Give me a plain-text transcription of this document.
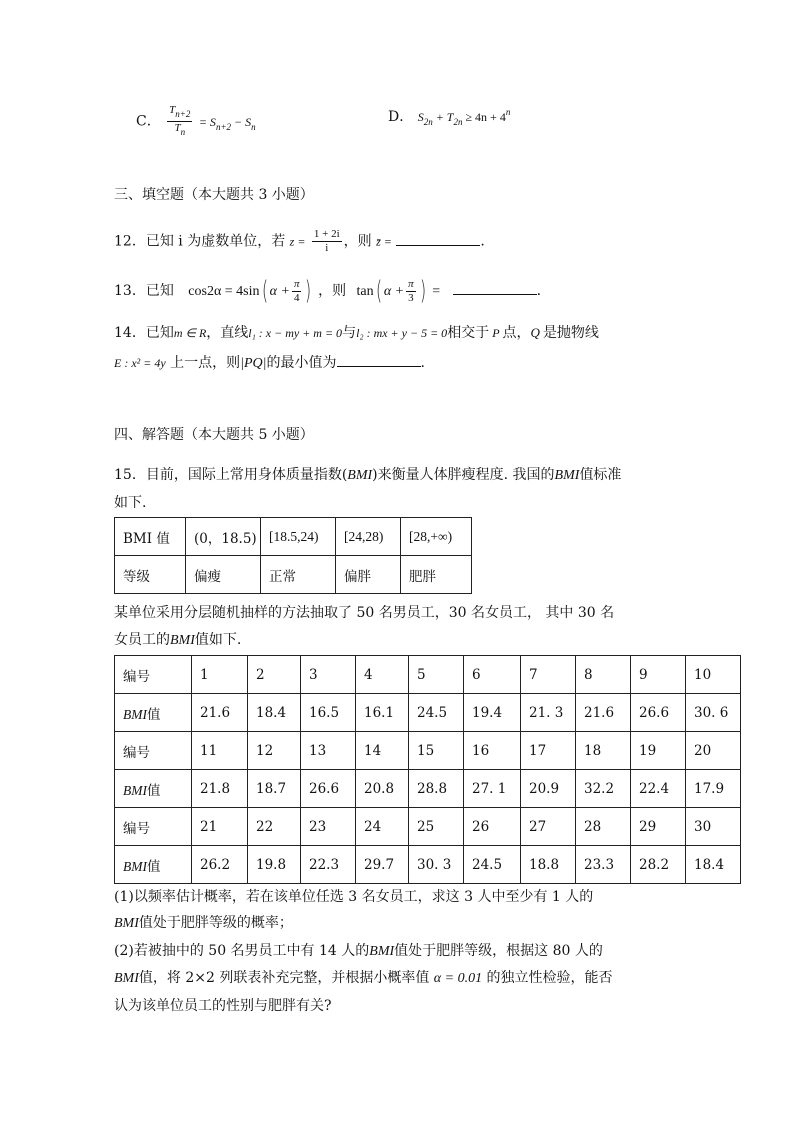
C． $\frac{T_{n+2}}{T_n} = S_{n+2} - S_n$
D． $S_{2n} + T_{2n} \ge 4n + 4^n$
三、填空题（本大题共 3 小题）
12．已知 i 为虚数单位，若 $z = \frac{1 + 2i}{i}$ ，则 z̄ =	.
13．已知 cos2α = 4sin( $\alpha + \frac{\pi}{4}$ ) ，则 tan( $\alpha + \frac{\pi}{3}$ ) =	.
14．已知m ∈ R，直线l₁ : x − my + m = 0与l₂ : mx + y − 5 = 0相交于 P 点，Q 是抛物线
E : x² = 4y 上一点，则|PQ|的最小值为	.
四、解答题（本大题共 5 小题）
15．目前，国际上常用身体质量指数(BMI)来衡量人体胖瘦程度. 我国的BMI值标准
如下.
BMI 值	(0，18.5)	[18.5,24)	[24,28)	[28,+∞)
等级	偏瘦	正常	偏胖	肥胖
某单位采用分层随机抽样的方法抽取了 50 名男员工，30 名女员工， 其中 30 名
女员工的BMI值如下.
编号	1	2	3	4	5	6	7	8	9	10
BMI值	21.6	18.4	16.5	16.1	24.5	19.4	21. 3	21.6	26.6	30. 6
编号	11	12	13	14	15	16	17	18	19	20
BMI值	21.8	18.7	26.6	20.8	28.8	27. 1	20.9	32.2	22.4	17.9
编号	21	22	23	24	25	26	27	28	29	30
BMI值	26.2	19.8	22.3	29.7	30. 3	24.5	18.8	23.3	28.2	18.4
(1)以频率估计概率，若在该单位任选 3 名女员工，求这 3 人中至少有 1 人的
BMI值处于肥胖等级的概率；
(2)若被抽中的 50 名男员工中有 14 人的BMI值处于肥胖等级，根据这 80 人的
BMI值，将 2×2 列联表补充完整，并根据小概率值 α = 0.01 的独立性检验，能否
认为该单位员工的性别与肥胖有关?
